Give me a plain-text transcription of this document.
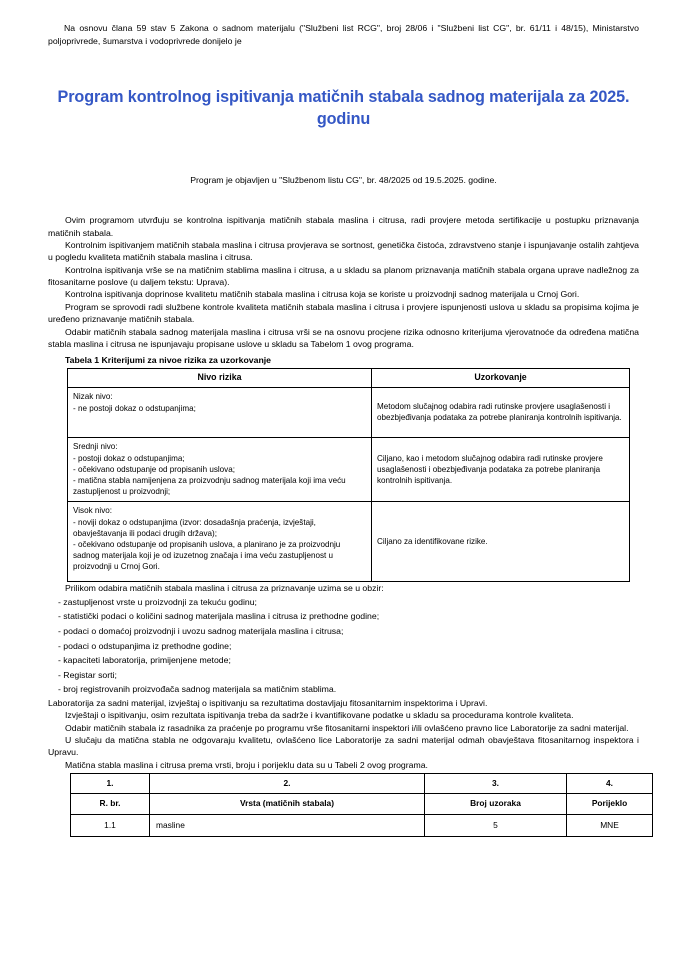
Na osnovu člana 59 stav 5 Zakona o sadnom materijalu ("Službeni list RCG", broj 28/06 i "Službeni list CG", br. 61/11 i 48/15), Ministarstvo poljoprivrede, šumarstva i vodoprivrede donijelo je

Program kontrolnog ispitivanja matičnih stabala sadnog materijala za 2025. godinu

Program je objavljen u "Službenom listu CG", br. 48/2025 od 19.5.2025. godine.

Ovim programom utvrđuju se kontrolna ispitivanja matičnih stabala maslina i citrusa, radi provjere metoda sertifikacije u postupku priznavanja matičnih stabala.

Kontrolnim ispitivanjem matičnih stabala maslina i citrusa provjerava se sortnost, genetička čistoća, zdravstveno stanje i ispunjavanje ostalih zahtjeva u pogledu kvaliteta matičnih stabala maslina i citrusa.

Kontrolna ispitivanja vrše se na matičnim stablima maslina i citrusa, a u skladu sa planom priznavanja matičnih stabala organa uprave nadležnog za fitosanitarne poslove (u daljem tekstu: Uprava).

Kontrolna ispitivanja doprinose kvalitetu matičnih stabala maslina i citrusa koja se koriste u proizvodnji sadnog materijala u Crnoj Gori.

Program se sprovodi radi službene kontrole kvaliteta matičnih stabala maslina i citrusa i provjere ispunjenosti uslova u skladu sa propisima kojima je uređeno priznavanje matičnih stabala.

Odabir matičnih stabala sadnog materijala maslina i citrusa vrši se na osnovu procjene rizika odnosno kriterijuma vjerovatnoće da određena matična stabla maslina i citrusa ne ispunjavaju propisane uslove u skladu sa Tabelom 1 ovog programa.

Tabela 1 Kriterijumi za nivoe rizika za uzorkovanje
Nivo rizika	Uzorkovanje
Nizak nivo:
- ne postoji dokaz o odstupanjima;	Metodom slučajnog odabira radi rutinske provjere usaglašenosti i obezbjeđivanja podataka za potrebe planiranja kontrolnih ispitivanja.
Srednji nivo:
- postoji dokaz o odstupanjima;
- očekivano odstupanje od propisanih uslova;
- matična stabla namijenjena za proizvodnju sadnog materijala koji ima veću zastupljenost u proizvodnji;	Ciljano, kao i metodom slučajnog odabira radi rutinske provjere usaglašenosti i obezbjeđivanja podataka za potrebe planiranja kontrolnih ispitivanja.
Visok nivo:
- noviji dokaz o odstupanjima (izvor: dosadašnja praćenja, izvještaji, obavještavanja ili podaci drugih država);
- očekivano odstupanje od propisanih uslova, a planirano je za proizvodnju sadnog materijala koji je od izuzetnog značaja i ima veću zastupljenost u proizvodnji u Crnoj Gori.	Ciljano za identifikovane rizike.

Prilikom odabira matičnih stabala maslina i citrusa za priznavanje uzima se u obzir:

- zastupljenost vrste u proizvodnji za tekuću godinu;

- statistički podaci o količini sadnog materijala maslina i citrusa iz prethodne godine;

- podaci o domaćoj proizvodnji i uvozu sadnog materijala maslina i citrusa;

- podaci o odstupanjima iz prethodne godine;

- kapaciteti laboratorija, primijenjene metode;

- Registar sorti;

- broj registrovanih proizvođača sadnog materijala sa matičnim stablima.

Laboratorija za sadni materijal, izvještaj o ispitivanju sa rezultatima dostavljaju fitosanitarnim inspektorima i Upravi.

Izvještaji o ispitivanju, osim rezultata ispitivanja treba da sadrže i kvantifikovane podatke u skladu sa procedurama kontrole kvaliteta.

Odabir matičnih stabala iz rasadnika za praćenje po programu vrše fitosanitarni inspektori i/ili ovlašćeno pravno lice Laboratorije za sadni materijal.

U slučaju da matična stabla ne odgovaraju kvalitetu, ovlašćeno lice Laboratorije za sadni materijal odmah obavještava fitosanitarnog inspektora i Upravu.

Matična stabla maslina i citrusa prema vrsti, broju i porijeklu data su u Tabeli 2 ovog programa.

1.	2.	3.	4.
R. br.	Vrsta (matičnih stabala)	Broj uzoraka	Porijeklo
1.1	masline	5	MNE
